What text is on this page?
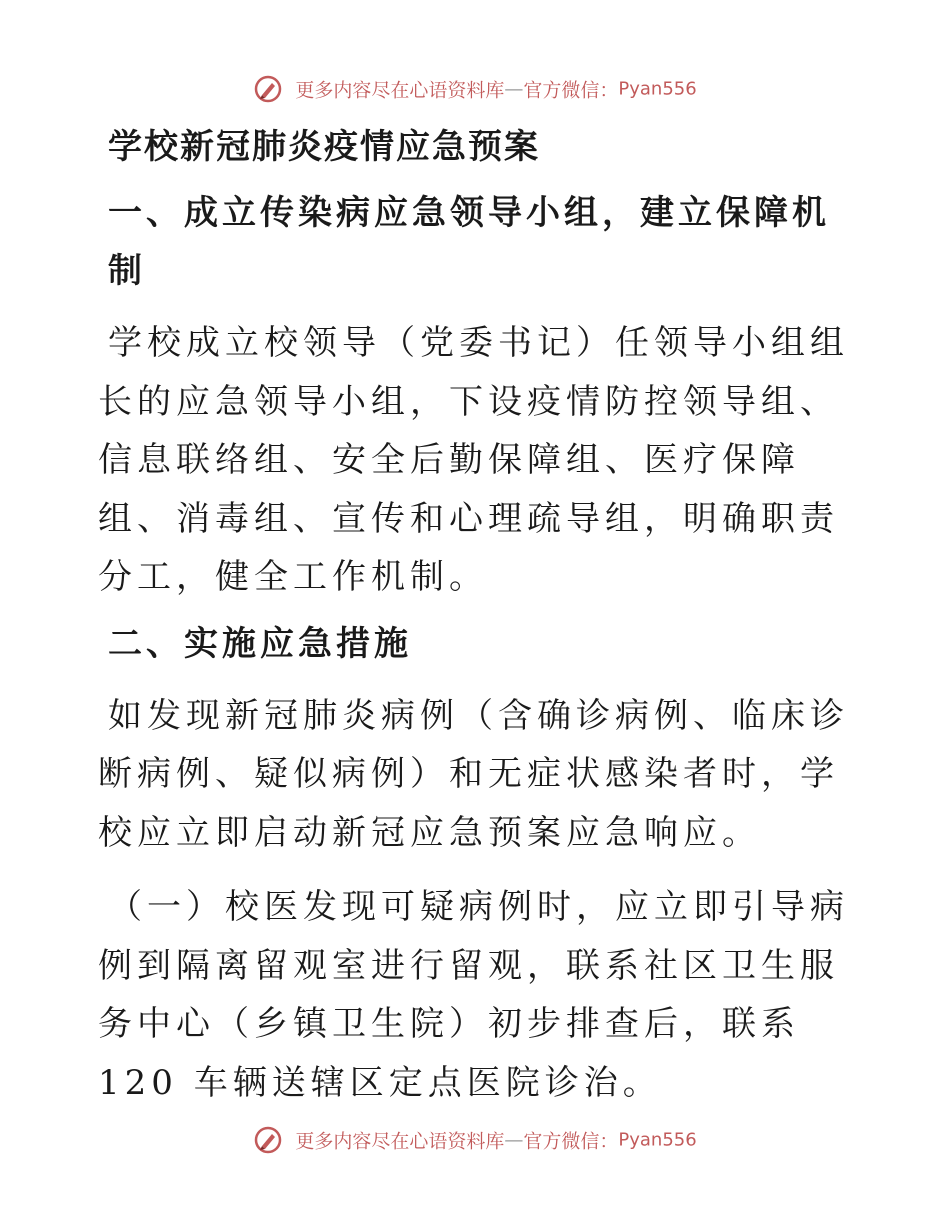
更多内容尽在心语资料库—官方微信：Pyan556
学校新冠肺炎疫情应急预案
一、成立传染病应急领导小组，建立保障机制

学校成立校领导（党委书记）任领导小组组长的应急领导小组，下设疫情防控领导组、信息联络组、安全后勤保障组、医疗保障组、消毒组、宣传和心理疏导组，明确职责分工，健全工作机制。

二、实施应急措施

如发现新冠肺炎病例（含确诊病例、临床诊断病例、疑似病例）和无症状感染者时，学校应立即启动新冠应急预案应急响应。

（一）校医发现可疑病例时，应立即引导病例到隔离留观室进行留观，联系社区卫生服务中心（乡镇卫生院）初步排查后，联系 120 车辆送辖区定点医院诊治。

更多内容尽在心语资料库—官方微信：Pyan556
